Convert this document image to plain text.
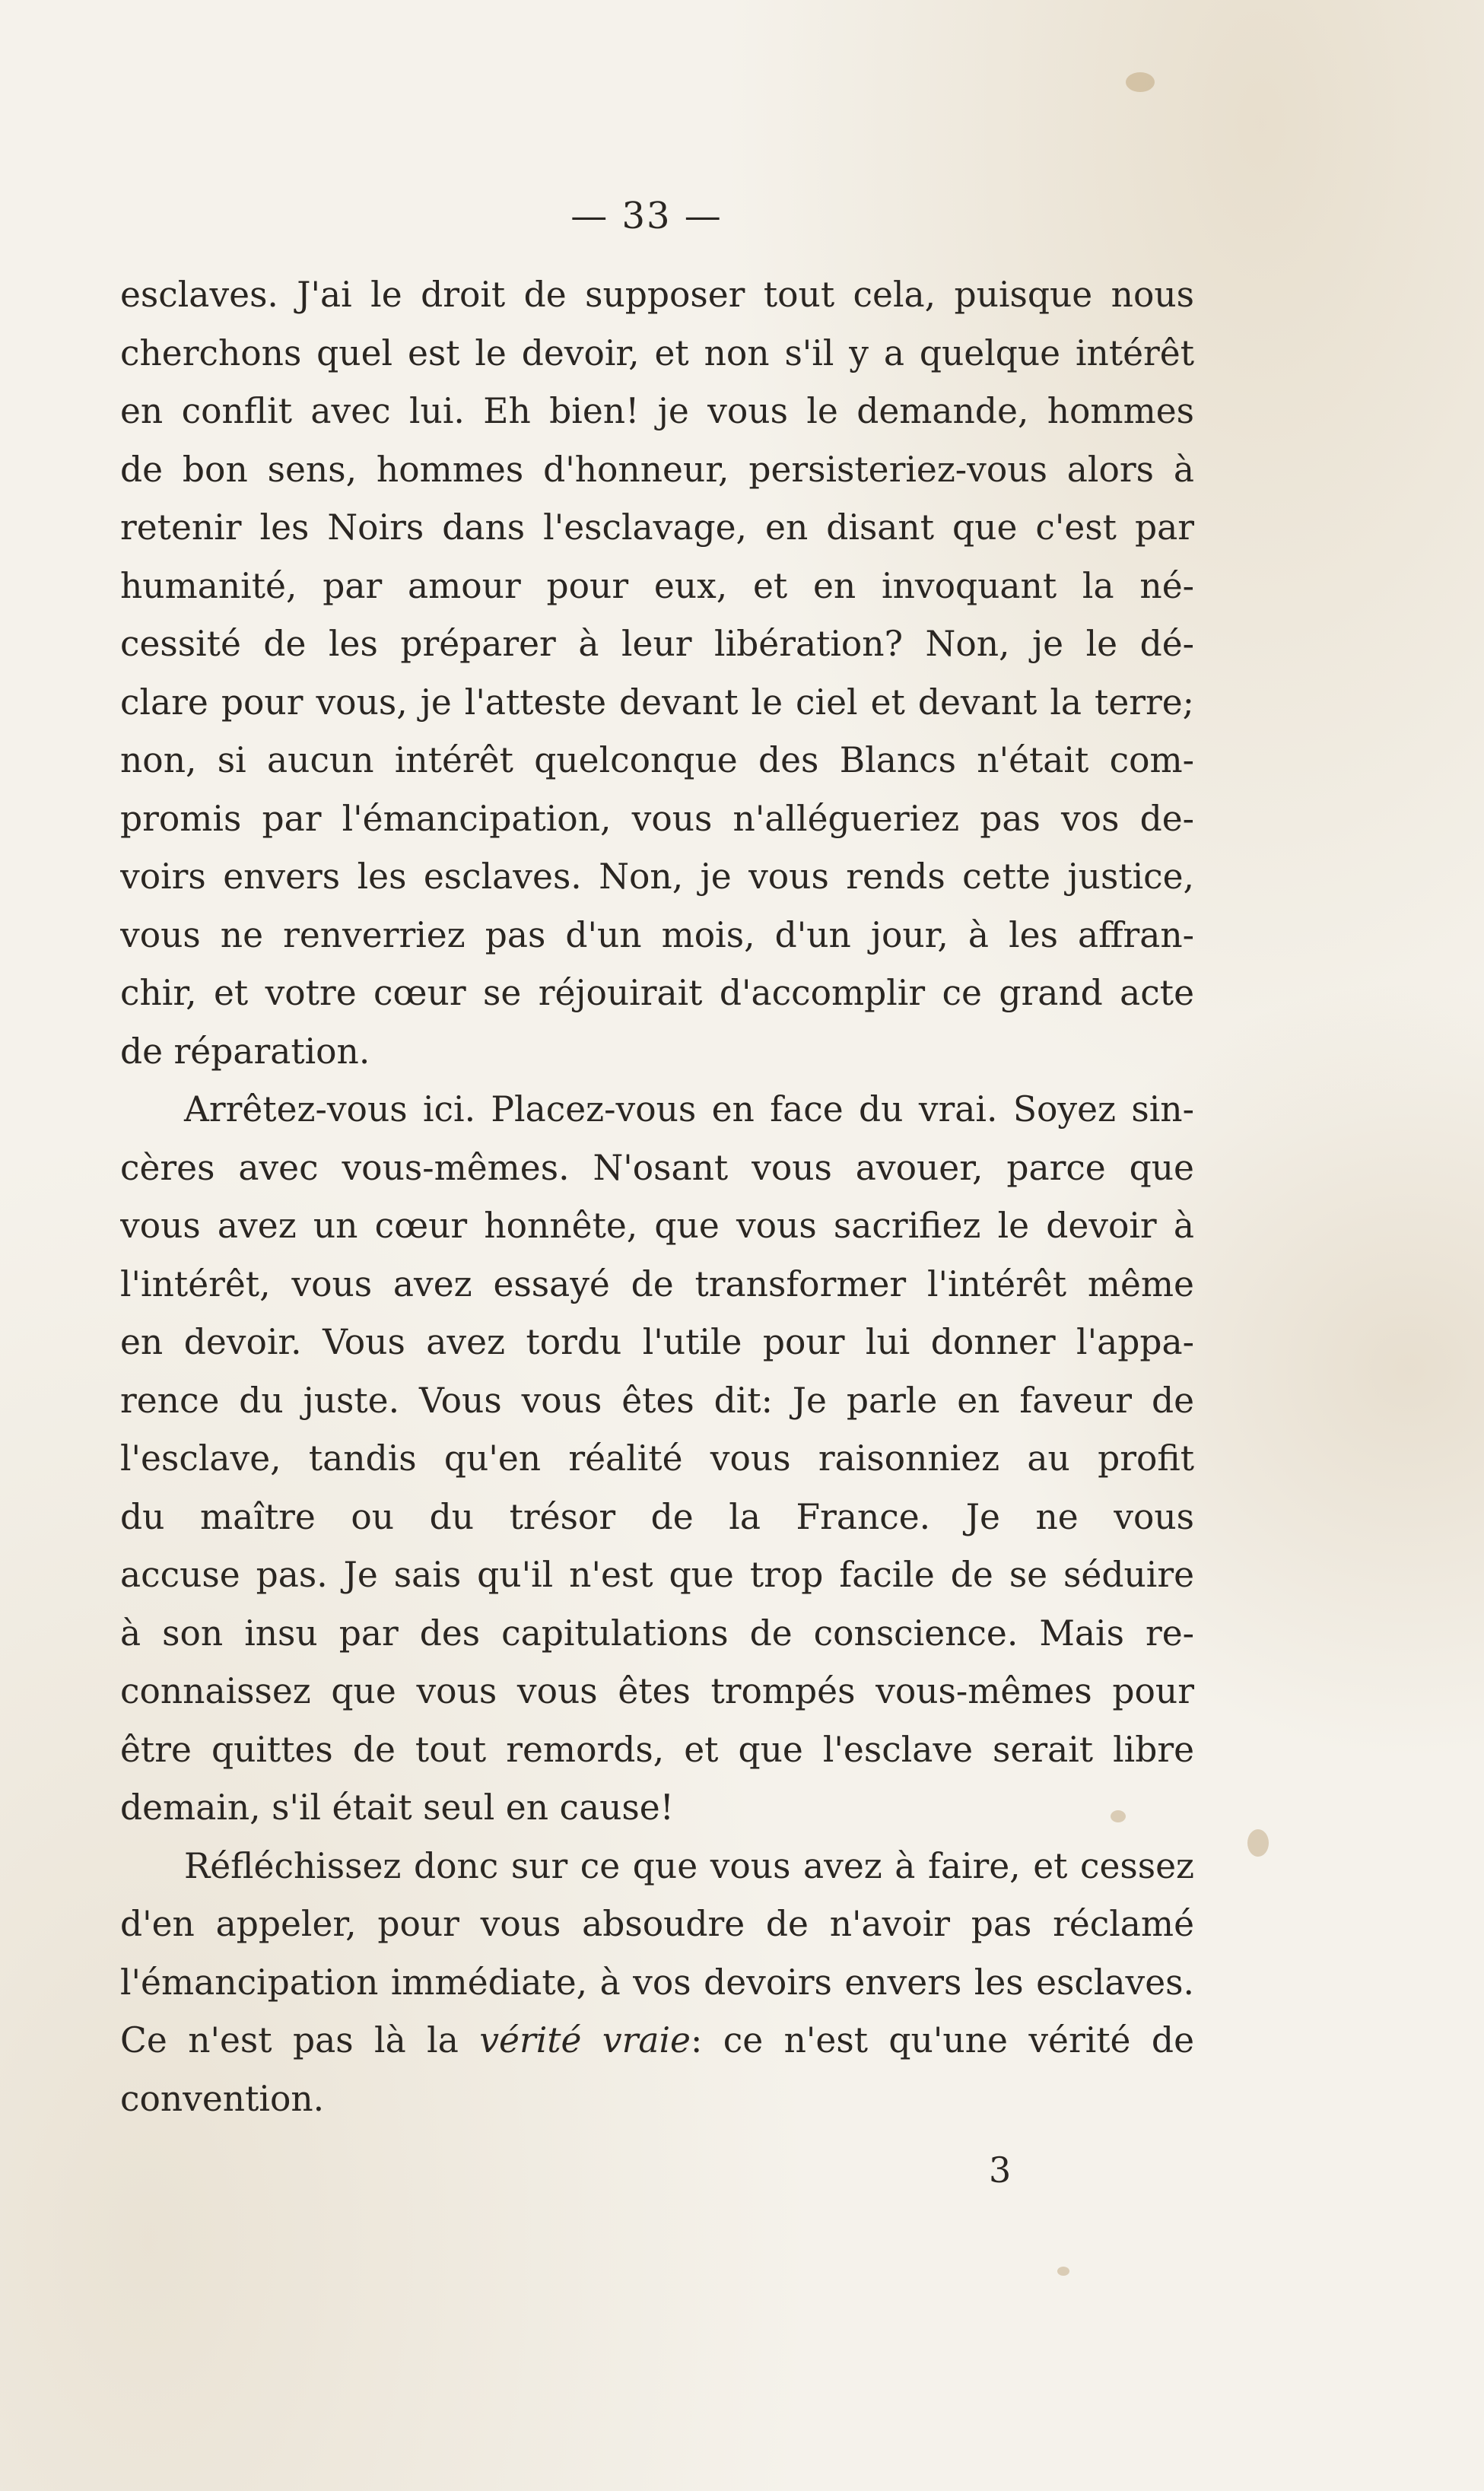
— 33 —
esclaves. J'ai le droit de supposer tout cela, puisque nous
cherchons quel est le devoir, et non s'il y a quelque intérêt
en conflit avec lui. Eh bien! je vous le demande, hommes
de bon sens, hommes d'honneur, persisteriez-vous alors à
retenir les Noirs dans l'esclavage, en disant que c'est par
humanité, par amour pour eux, et en invoquant la né-
cessité de les préparer à leur libération? Non, je le dé-
clare pour vous, je l'atteste devant le ciel et devant la terre;
non, si aucun intérêt quelconque des Blancs n'était com-
promis par l'émancipation, vous n'allégueriez pas vos de-
voirs envers les esclaves. Non, je vous rends cette justice,
vous ne renverriez pas d'un mois, d'un jour, à les affran-
chir, et votre cœur se réjouirait d'accomplir ce grand acte
de réparation.
Arrêtez-vous ici. Placez-vous en face du vrai. Soyez sin-
cères avec vous-mêmes. N'osant vous avouer, parce que
vous avez un cœur honnête, que vous sacrifiez le devoir à
l'intérêt, vous avez essayé de transformer l'intérêt même
en devoir. Vous avez tordu l'utile pour lui donner l'appa-
rence du juste. Vous vous êtes dit: Je parle en faveur de
l'esclave, tandis qu'en réalité vous raisonniez au profit
du maître ou du trésor de la France. Je ne vous
accuse pas. Je sais qu'il n'est que trop facile de se séduire
à son insu par des capitulations de conscience. Mais re-
connaissez que vous vous êtes trompés vous-mêmes pour
être quittes de tout remords, et que l'esclave serait libre
demain, s'il était seul en cause!
Réfléchissez donc sur ce que vous avez à faire, et cessez
d'en appeler, pour vous absoudre de n'avoir pas réclamé
l'émancipation immédiate, à vos devoirs envers les esclaves.
Ce n'est pas là la vérité vraie: ce n'est qu'une vérité de
convention.
3
